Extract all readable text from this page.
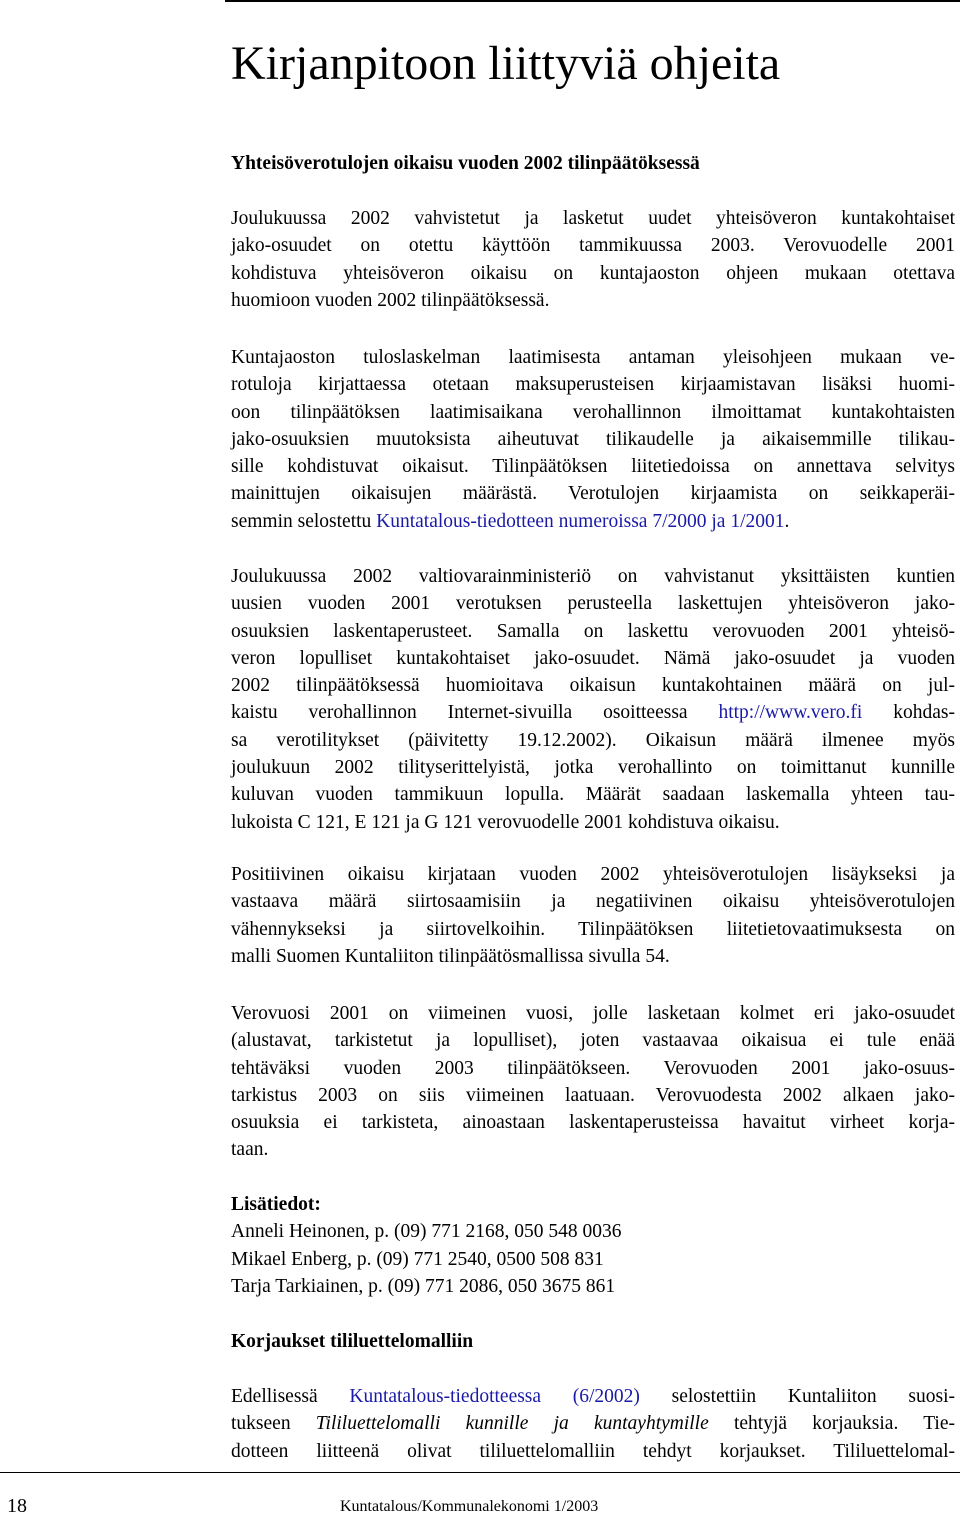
Kirjanpitoon liittyviä ohjeita

Yhteisöverotulojen oikaisu vuoden 2002 tilinpäätöksessä

Joulukuussa 2002 vahvistetut ja lasketut uudet yhteisöveron kuntakohtaiset
jako-osuudet on otettu käyttöön tammikuussa 2003. Verovuodelle 2001
kohdistuva yhteisöveron oikaisu on kuntajaoston ohjeen mukaan otettava
huomioon vuoden 2002 tilinpäätöksessä.
Kuntajaoston tuloslaskelman laatimisesta antaman yleisohjeen mukaan ve-
rotuloja kirjattaessa otetaan maksuperusteisen kirjaamistavan lisäksi huomi-
oon tilinpäätöksen laatimisaikana verohallinnon ilmoittamat kuntakohtaisten
jako-osuuksien muutoksista aiheutuvat tilikaudelle ja aikaisemmille tilikau-
sille kohdistuvat oikaisut. Tilinpäätöksen liitetiedoissa on annettava selvitys
mainittujen oikaisujen määrästä. Verotulojen kirjaamista on seikkaperäi-
semmin selostettu Kuntatalous-tiedotteen numeroissa 7/2000 ja 1/2001.
Joulukuussa 2002 valtiovarainministeriö on vahvistanut yksittäisten kuntien
uusien vuoden 2001 verotuksen perusteella laskettujen yhteisöveron jako-
osuuksien laskentaperusteet. Samalla on laskettu verovuoden 2001 yhteisö-
veron lopulliset kuntakohtaiset jako-osuudet. Nämä jako-osuudet ja vuoden
2002 tilinpäätöksessä huomioitava oikaisun kuntakohtainen määrä on jul-
kaistu verohallinnon Internet-sivuilla osoitteessa http://www.vero.fi kohdas-
sa verotilitykset (päivitetty 19.12.2002). Oikaisun määrä ilmenee myös
joulukuun 2002 tilityserittelyistä, jotka verohallinto on toimittanut kunnille
kuluvan vuoden tammikuun lopulla. Määrät saadaan laskemalla yhteen tau-
lukoista C 121, E 121 ja G 121 verovuodelle 2001 kohdistuva oikaisu.
Positiivinen oikaisu kirjataan vuoden 2002 yhteisöverotulojen lisäykseksi ja
vastaava määrä siirtosaamisiin ja negatiivinen oikaisu yhteisöverotulojen
vähennykseksi ja siirtovelkoihin. Tilinpäätöksen liitetietovaatimuksesta on
malli Suomen Kuntaliiton tilinpäätösmallissa sivulla 54.
Verovuosi 2001 on viimeinen vuosi, jolle lasketaan kolmet eri jako-osuudet
(alustavat, tarkistetut ja lopulliset), joten vastaavaa oikaisua ei tule enää
tehtäväksi vuoden 2003 tilinpäätökseen. Verovuoden 2001 jako-osuus-
tarkistus 2003 on siis viimeinen laatuaan. Verovuodesta 2002 alkaen jako-
osuuksia ei tarkisteta, ainoastaan laskentaperusteissa havaitut virheet korja-
taan.
Lisätiedot:
Anneli Heinonen, p. (09) 771 2168, 050 548 0036
Mikael Enberg, p. (09) 771 2540, 0500 508 831
Tarja Tarkiainen, p. (09) 771 2086, 050 3675 861

Korjaukset tililuettelomalliin

Edellisessä Kuntatalous-tiedotteessa (6/2002) selostettiin Kuntaliiton suosi-
tukseen Tililuettelomalli kunnille ja kuntayhtymille tehtyjä korjauksia. Tie-
dotteen liitteenä olivat tililuettelomalliin tehdyt korjaukset. Tililuettelomal-
18	Kuntatalous/Kommunalekonomi 1/2003
